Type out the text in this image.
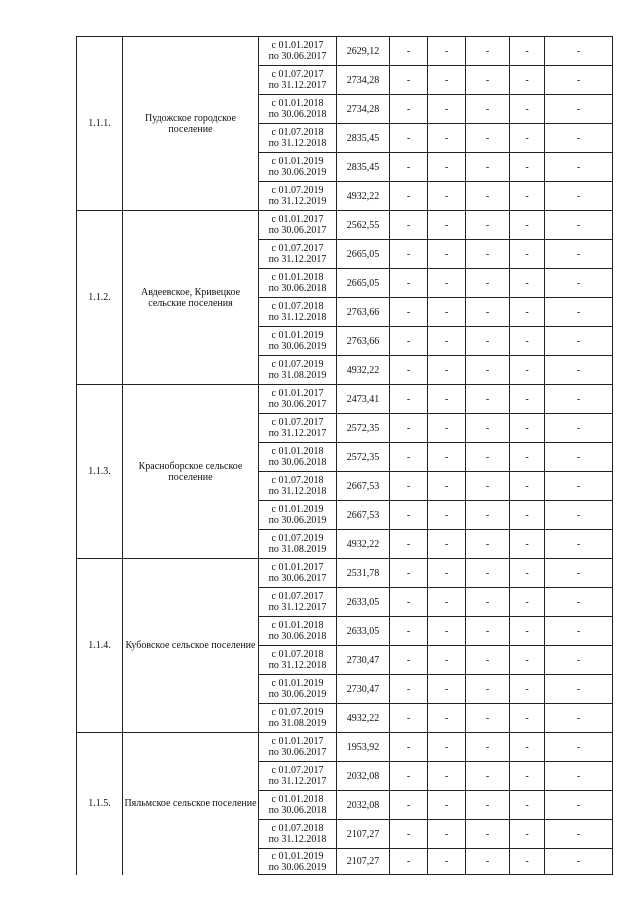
1.1.1.	Пудожское городское поселение	с 01.01.2017
по 30.06.2017	2629,12	-	-	-	-	-

		с 01.07.2017
по 31.12.2017	2734,28	-	-	-	-	-

		с 01.01.2018
по 30.06.2018	2734,28	-	-	-	-	-

		с 01.07.2018
по 31.12.2018	2835,45	-	-	-	-	-

		с 01.01.2019
по 30.06.2019	2835,45	-	-	-	-	-

		с 01.07.2019
по 31.12.2019	4932,22	-	-	-	-	-
1.1.2.	Авдеевское, Кривецкое сельские поселения	с 01.01.2017
по 30.06.2017	2562,55	-	-	-	-	-

		с 01.07.2017
по 31.12.2017	2665,05	-	-	-	-	-

		с 01.01.2018
по 30.06.2018	2665,05	-	-	-	-	-

		с 01.07.2018
по 31.12.2018	2763,66	-	-	-	-	-

		с 01.01.2019
по 30.06.2019	2763,66	-	-	-	-	-

		с 01.07.2019
по 31.08.2019	4932,22	-	-	-	-	-
1.1.3.	Красноборское сельское поселение	с 01.01.2017
по 30.06.2017	2473,41	-	-	-	-	-

		с 01.07.2017
по 31.12.2017	2572,35	-	-	-	-	-

		с 01.01.2018
по 30.06.2018	2572,35	-	-	-	-	-

		с 01.07.2018
по 31.12.2018	2667,53	-	-	-	-	-

		с 01.01.2019
по 30.06.2019	2667,53	-	-	-	-	-

		с 01.07.2019
по 31.08.2019	4932,22	-	-	-	-	-
1.1.4.	Кубовское сельское поселение	с 01.01.2017
по 30.06.2017	2531,78	-	-	-	-	-

		с 01.07.2017
по 31.12.2017	2633,05	-	-	-	-	-

		с 01.01.2018
по 30.06.2018	2633,05	-	-	-	-	-

		с 01.07.2018
по 31.12.2018	2730,47	-	-	-	-	-

		с 01.01.2019
по 30.06.2019	2730,47	-	-	-	-	-

		с 01.07.2019
по 31.08.2019	4932,22	-	-	-	-	-
1.1.5.	Пяльмское сельское поселение	с 01.01.2017
по 30.06.2017	1953,92	-	-	-	-	-

		с 01.07.2017
по 31.12.2017	2032,08	-	-	-	-	-

		с 01.01.2018
по 30.06.2018	2032,08	-	-	-	-	-

		с 01.07.2018
по 31.12.2018	2107,27	-	-	-	-	-

		с 01.01.2019
по 30.06.2019	2107,27	-	-	-	-	-
